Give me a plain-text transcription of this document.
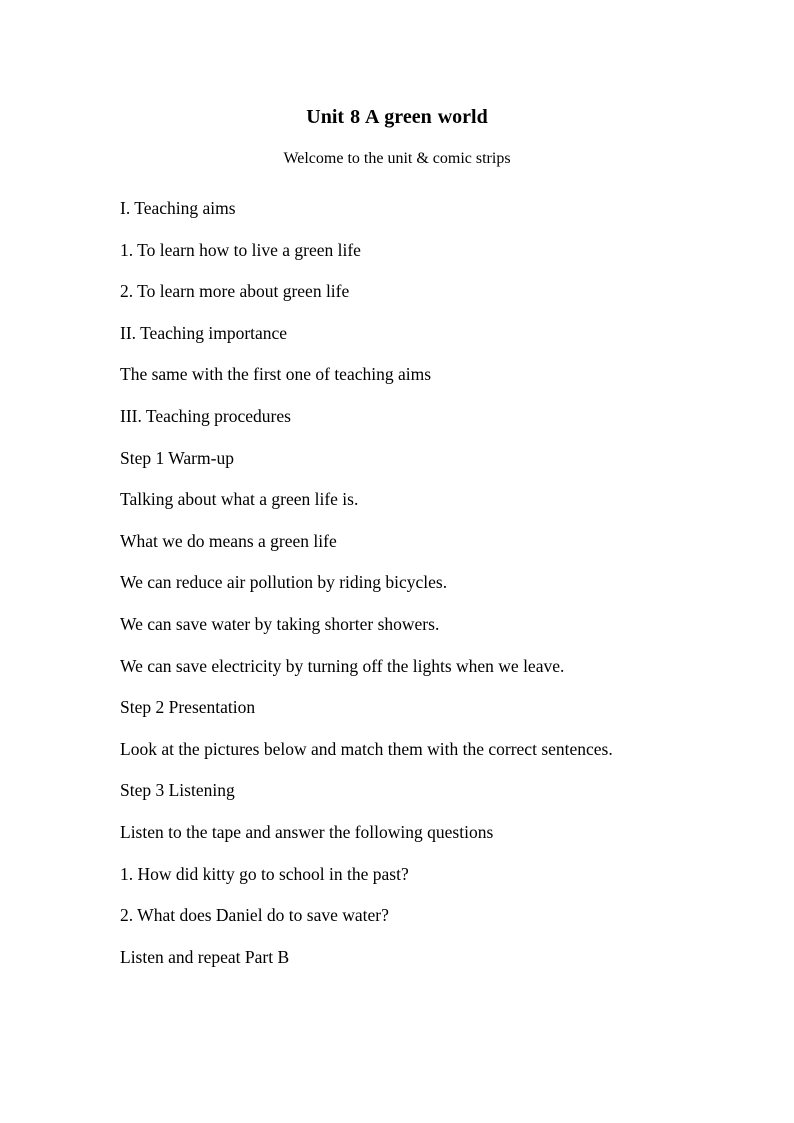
Unit 8 A green world
Welcome to the unit & comic strips

I. Teaching aims

1. To learn how to live a green life

2. To learn more about green life

II. Teaching importance

The same with the first one of teaching aims

III. Teaching procedures

Step 1 Warm-up

Talking about what a green life is.

What we do means a green life

We can reduce air pollution by riding bicycles.

We can save water by taking shorter showers.

We can save electricity by turning off the lights when we leave.

Step 2 Presentation

Look at the pictures below and match them with the correct sentences.

Step 3 Listening

Listen to the tape and answer the following questions

1. How did kitty go to school in the past?

2. What does Daniel do to save water?

Listen and repeat Part B
